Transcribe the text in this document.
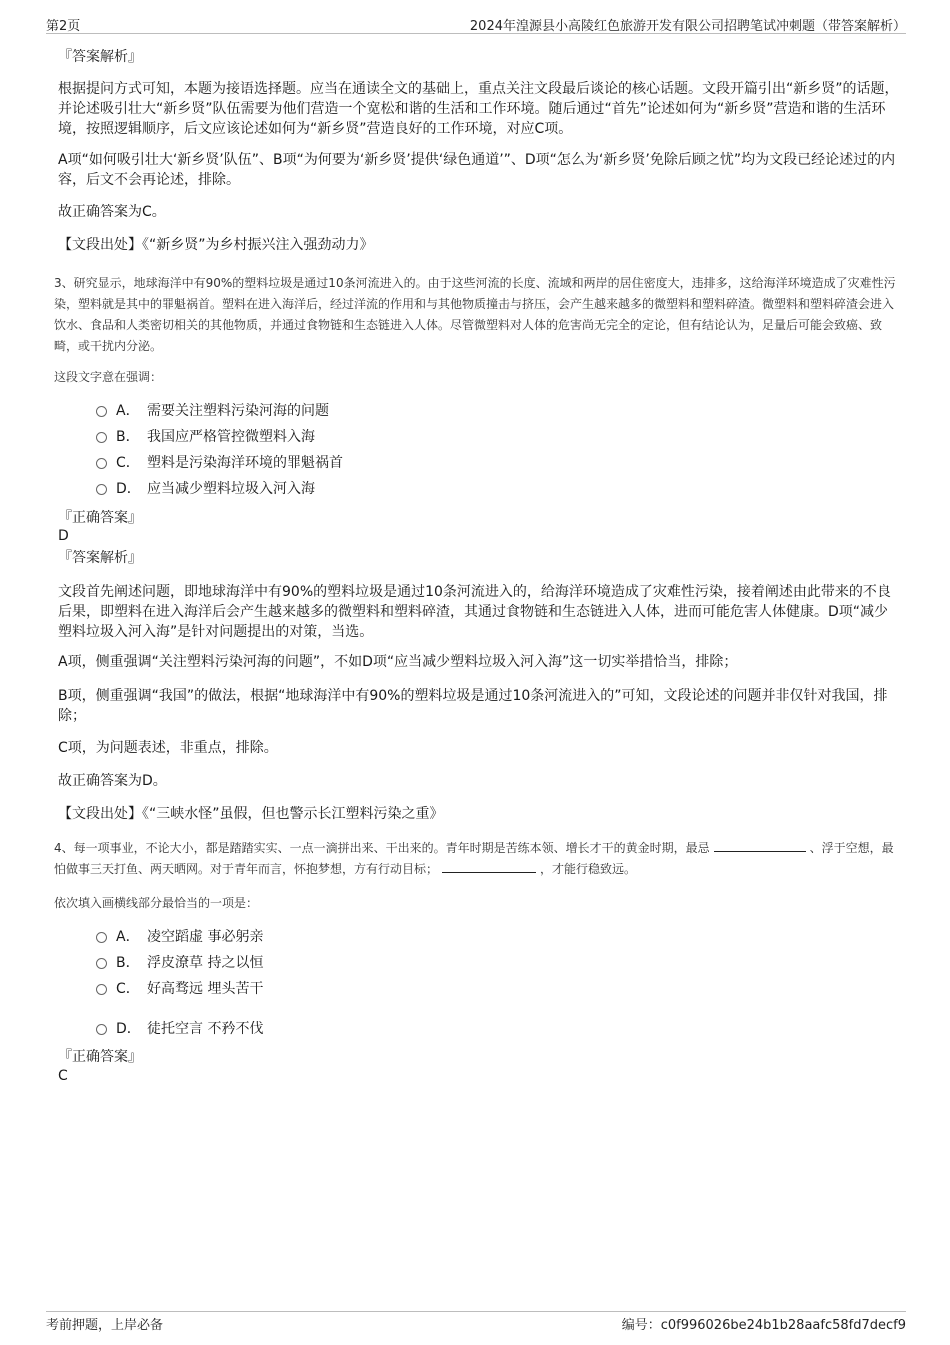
第2页	2024年湟源县小高陵红色旅游开发有限公司招聘笔试冲刺题（带答案解析）
『答案解析』
根据提问方式可知，本题为接语选择题。应当在通读全文的基础上，重点关注文段最后谈论的核心话题。文段开篇引出“新乡贤”的话题，并论述吸引壮大“新乡贤”队伍需要为他们营造一个宽松和谐的生活和工作环境。随后通过“首先”论述如何为“新乡贤”营造和谐的生活环境，按照逻辑顺序，后文应该论述如何为“新乡贤”营造良好的工作环境，对应C项。
A项“如何吸引壮大‘新乡贤’队伍”、B项“为何要为‘新乡贤’提供‘绿色通道’”、D项“怎么为‘新乡贤’免除后顾之忧”均为文段已经论述过的内容，后文不会再论述，排除。
故正确答案为C。
【文段出处】《“新乡贤”为乡村振兴注入强劲动力》
3、研究显示，地球海洋中有90%的塑料垃圾是通过10条河流进入的。由于这些河流的长度、流域和两岸的居住密度大，违排多，这给海洋环境造成了灾难性污染，塑料就是其中的罪魁祸首。塑料在进入海洋后，经过洋流的作用和与其他物质撞击与挤压，会产生越来越多的微塑料和塑料碎渣。微塑料和塑料碎渣会进入饮水、食品和人类密切相关的其他物质，并通过食物链和生态链进入人体。尽管微塑料对人体的危害尚无完全的定论，但有结论认为，足量后可能会致癌、致畸，或干扰内分泌。
这段文字意在强调：
A． 需要关注塑料污染河海的问题
B． 我国应严格管控微塑料入海
C． 塑料是污染海洋环境的罪魁祸首
D． 应当减少塑料垃圾入河入海
『正确答案』
D
『答案解析』
文段首先阐述问题，即地球海洋中有90%的塑料垃圾是通过10条河流进入的，给海洋环境造成了灾难性污染，接着阐述由此带来的不良后果，即塑料在进入海洋后会产生越来越多的微塑料和塑料碎渣，其通过食物链和生态链进入人体，进而可能危害人体健康。D项“减少塑料垃圾入河入海”是针对问题提出的对策，当选。
A项，侧重强调“关注塑料污染河海的问题”，不如D项“应当减少塑料垃圾入河入海”这一切实举措恰当，排除；
B项，侧重强调“我国”的做法，根据“地球海洋中有90%的塑料垃圾是通过10条河流进入的”可知，文段论述的问题并非仅针对我国，排除；
C项，为问题表述，非重点，排除。
故正确答案为D。
【文段出处】《“三峡水怪”虽假，但也警示长江塑料污染之重》
4、每一项事业，不论大小，都是踏踏实实、一点一滴拼出来、干出来的。青年时期是苦练本领、增长才干的黄金时期，最忌	、浮于空想，最怕做事三天打鱼、两天晒网。对于青年而言，怀抱梦想，方有行动目标；	，才能行稳致远。
依次填入画横线部分最恰当的一项是：
A． 凌空蹈虚 事必躬亲
B． 浮皮潦草 持之以恒
C． 好高骛远 埋头苦干
D． 徒托空言 不矜不伐
『正确答案』
C
考前押题，上岸必备	编号：c0f996026be24b1b28aafc58fd7decf9
